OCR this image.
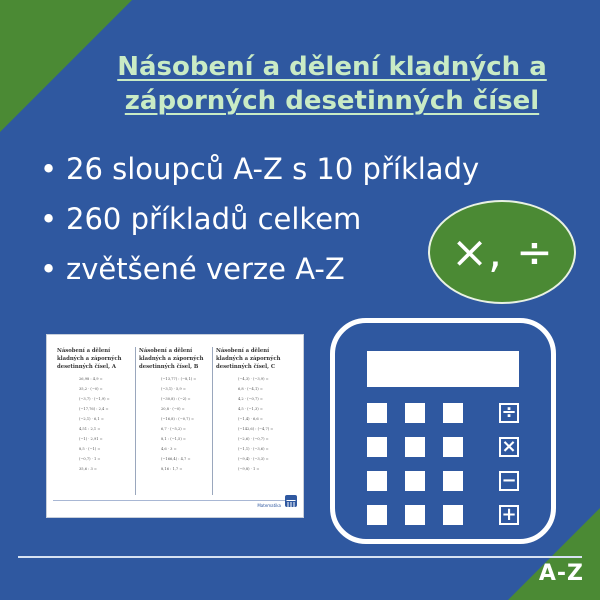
Násobení a dělení kladných a
záporných desetinných čísel
• 26 sloupců A-Z s 10 příklady
• 260 příkladů celkem
• zvětšené verze A-Z	×, ÷
Násobení a dělení kladných a záporných desetinných čísel, A
26,98 : 4,9 =
35,2 · (−0) =
(−3,7) · (−1,9) =
(−17,76) : 2,4 =
(−2,1) · 6,1 =
4,51 : 2,1 =
(−1) · 2,91 =
8,5 · (−1) =
(−0,7) · 1 =
35,6 : 3 =
Násobení a dělení kladných a záporných desetinných čísel, B
(−13,77) : (−8,1) =
(−3,1) · 5,9 =
(−30,8) : (−2) =
20,8 · (−0) =
(−16,8) : (−0,7) =
6,7 · (−5,2) =
8,1 : (−1,5) =
4,6 · 3 =
(−166,4) : 4,7 =
8,16 : 1,7 =
Násobení a dělení kladných a záporných desetinných čísel, C
(−4,3) · (−3,9) =
6,8 · (−4,1) =
4,2 · (−0,7) =
4,5 · (−1,3) =
(−1,4) · 6,6 =
(−142,6) : (−4,7) =
(−2,6) · (−0,7) =
(−1,1) · (−3,6) =
(−9,4) · (−3,3) =
(−9,8) · 1 =
Matematika
÷
×
−
+
A-Z
